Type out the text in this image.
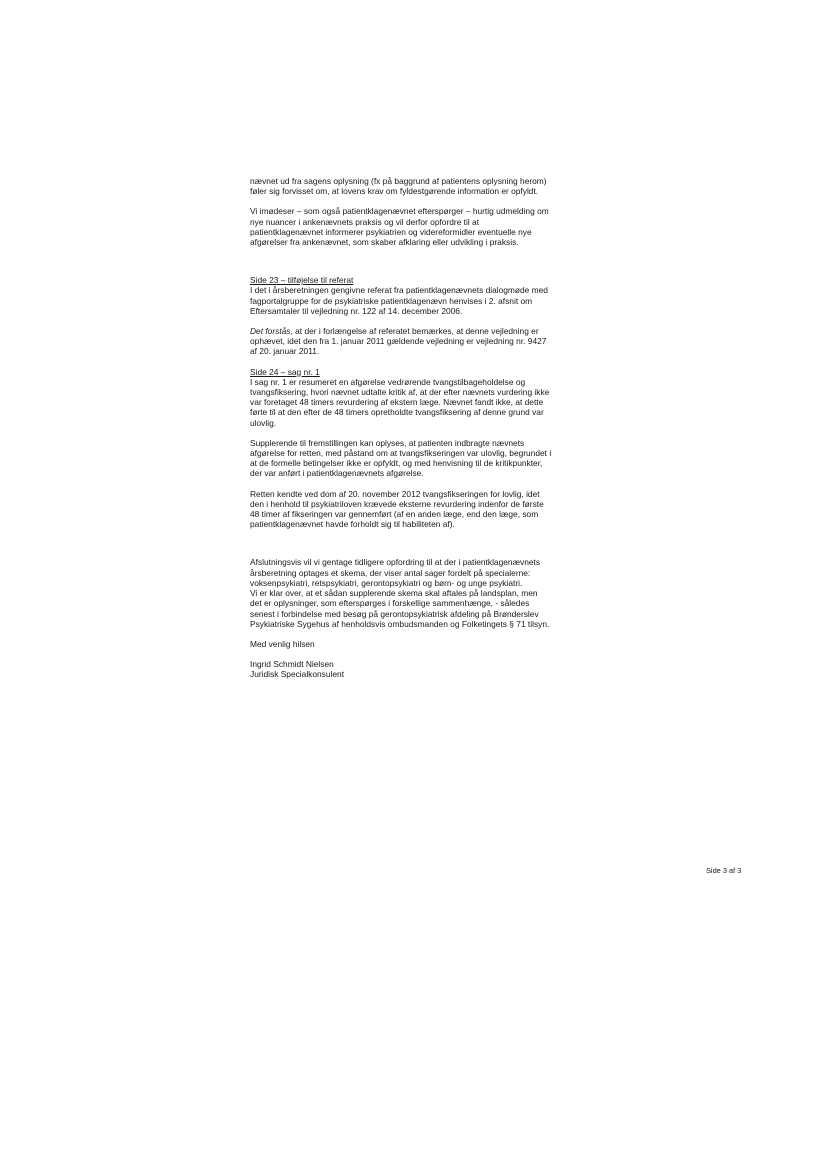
nævnet ud fra sagens oplysning (fx på baggrund af patientens oplysning herom)
føler sig forvisset om, at lovens krav om fyldestgørende information er opfyldt.

Vi imødeser – som også patientklagenævnet efterspørger – hurtig udmelding om
nye nuancer i ankenævnets praksis og vil derfor opfordre til at
patientklagenævnet informerer psykiatrien og videreformidler eventuelle nye
afgørelser fra ankenævnet, som skaber afklaring eller udvikling i praksis.

Side 23 – tilføjelse til referat

I det i årsberetningen gengivne referat fra patientklagenævnets dialogmøde med
fagportalgruppe for de psykiatriske patientklagenævn henvises i 2. afsnit om
Eftersamtaler til vejledning nr. 122 af 14. december 2006.

Det forstås, at der i forlængelse af referatet bemærkes, at denne vejledning er
ophævet, idet den fra 1. januar 2011 gældende vejledning er vejledning nr. 9427
af 20. januar 2011.

Side 24 – sag nr. 1

I sag nr. 1 er resumeret en afgørelse vedrørende tvangstilbageholdelse og
tvangsfiksering, hvori nævnet udtalte kritik af, at der efter nævnets vurdering ikke
var foretaget 48 timers revurdering af ekstern læge. Nævnet fandt ikke, at dette
førte til at den efter de 48 timers opretholdte tvangsfiksering af denne grund var
ulovlig.

Supplerende til fremstillingen kan oplyses, at patienten indbragte nævnets
afgørelse for retten, med påstand om at tvangsfikseringen var ulovlig, begrundet i
at de formelle betingelser ikke er opfyldt, og med henvisning til de kritikpunkter,
der var anført i patientklagenævnets afgørelse.

Retten kendte ved dom af 20. november 2012 tvangsfikseringen for lovlig, idet
den i henhold til psykiatriloven krævede eksterne revurdering indenfor de første
48 timer af fikseringen var gennemført (af en anden læge, end den læge, som
patientklagenævnet havde forholdt sig til habiliteten af).

Afslutningsvis vil vi gentage tidligere opfordring til at der i patientklagenævnets
årsberetning optages et skema, der viser antal sager fordelt på specialerne:
voksenpsykiatri, retspsykiatri, gerontopsykiatri og børn- og unge psykiatri.
Vi er klar over, at et sådan supplerende skema skal aftales på landsplan, men
det er oplysninger, som efterspørges i forskellige sammenhænge, - således
senest i forbindelse med besøg på gerontopsykiatrisk afdeling på Brønderslev
Psykiatriske Sygehus af henholdsvis ombudsmanden og Folketingets § 71 tilsyn.

Med venlig hilsen

Ingrid Schmidt Nielsen

Juridisk Specialkonsulent

Side 3 af 3
